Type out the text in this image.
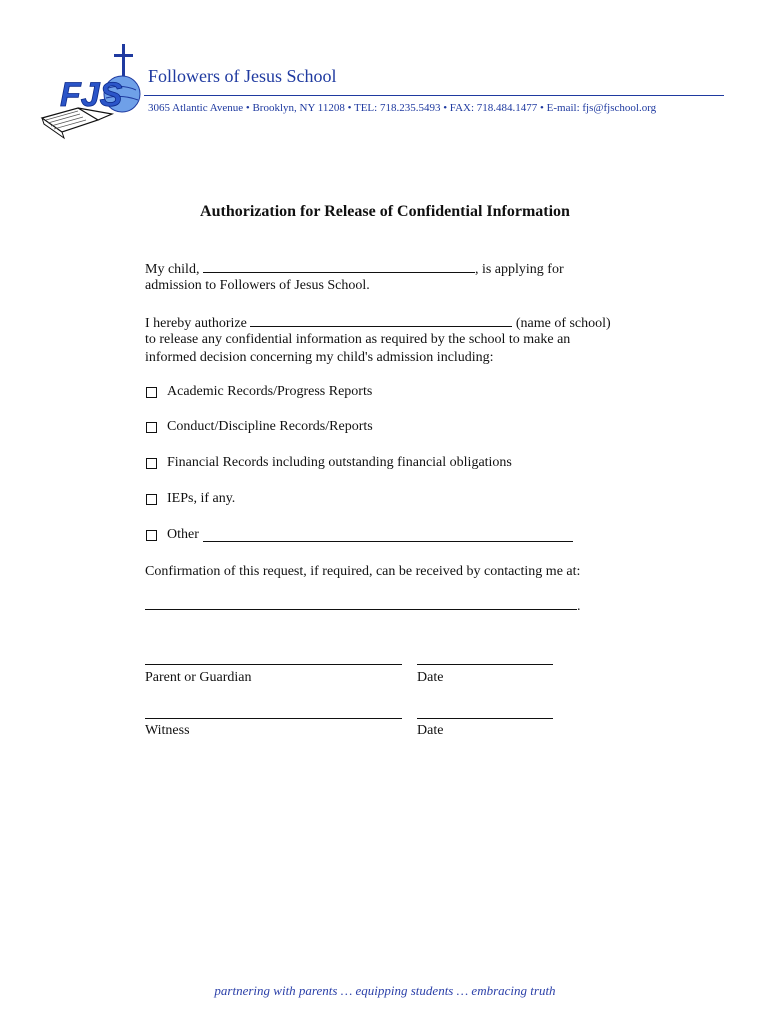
FJS Followers of Jesus School
3065 Atlantic Avenue • Brooklyn, NY 11208 • TEL: 718.235.5493 • FAX: 718.484.1477 • E-mail: fjs@fjschool.org
Authorization for Release of Confidential Information
My child,	, is applying for
admission to Followers of Jesus School.
I hereby authorize	(name of school)
to release any confidential information as required by the school to make an
informed decision concerning my child's admission including:
Academic Records/Progress Reports
Conduct/Discipline Records/Reports
Financial Records including outstanding financial obligations
IEPs, if any.
Other
Confirmation of this request, if required, can be received by contacting me at:
.
Parent or Guardian	Date
Witness	Date
partnering with parents … equipping students … embracing truth
